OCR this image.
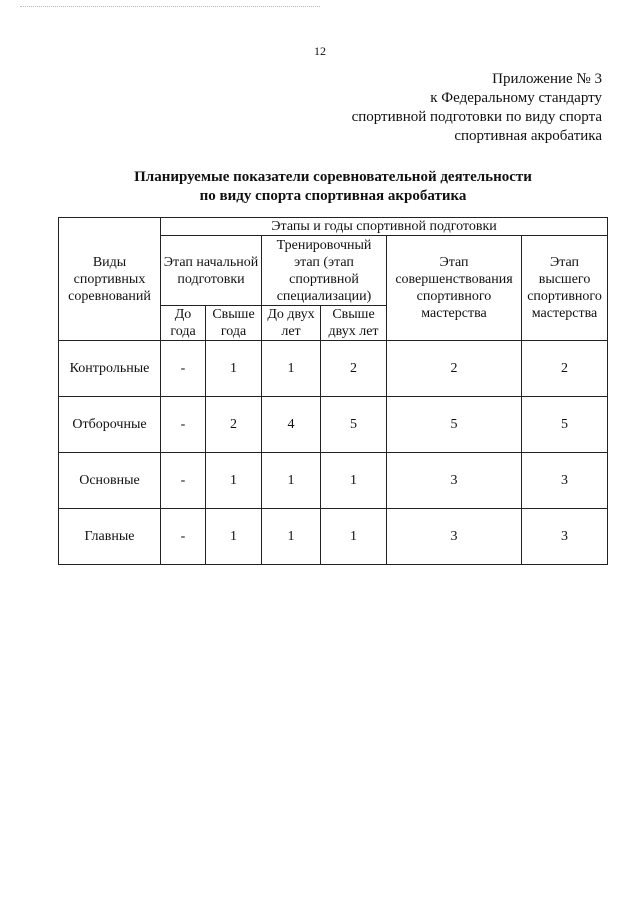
12
Приложение № 3
к Федеральному стандарту
спортивной подготовки по виду спорта
спортивная акробатика
Планируемые показатели соревновательной деятельности
по виду спорта спортивная акробатика
Виды спортивных соревнований	Этапы и годы спортивной подготовки					
	Этап начальной подготовки		Тренировочный этап (этап спортивной специализации)		Этап совершенствования спортивного мастерства	Этап высшего спортивного мастерства
	До года	Свыше года	До двух лет	Свыше двух лет		
Контрольные	-	1	1	2	2	2
Отборочные	-	2	4	5	5	5
Основные	-	1	1	1	3	3
Главные	-	1	1	1	3	3
